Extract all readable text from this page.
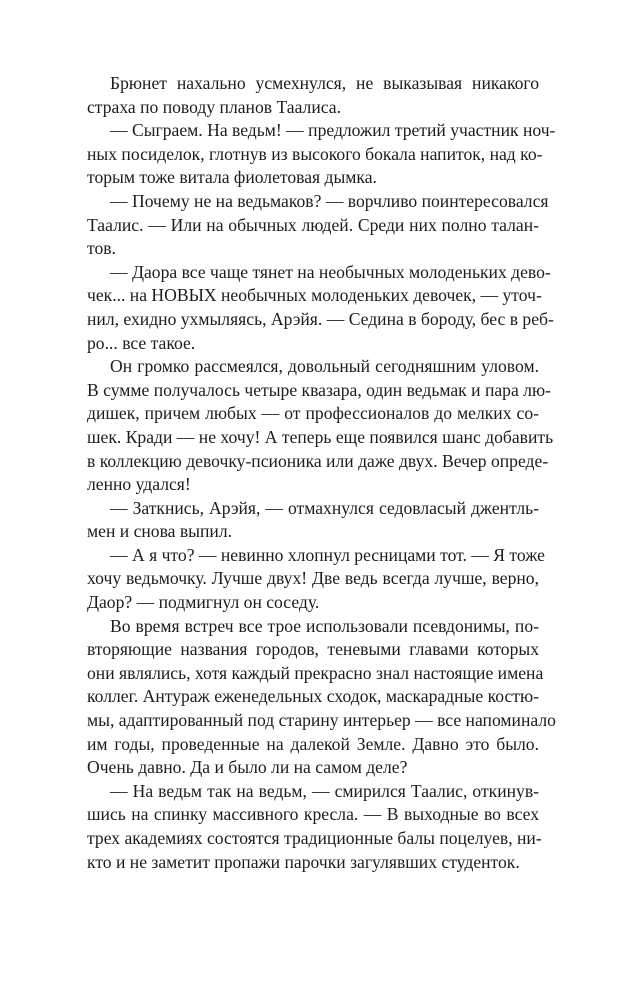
Брюнет нахально усмехнулся, не выказывая никакого
страха по поводу планов Таалиса.
— Сыграем. На ведьм! — предложил третий участник ноч-
ных посиделок, глотнув из высокого бокала напиток, над ко-
торым тоже витала фиолетовая дымка.
— Почему не на ведьмаков? — ворчливо поинтересовался
Таалис. — Или на обычных людей. Среди них полно талан-
тов.
— Даора все чаще тянет на необычных молоденьких дево-
чек... на НОВЫХ необычных молоденьких девочек, — уточ-
нил, ехидно ухмыляясь, Арэйя. — Седина в бороду, бес в реб-
ро... все такое.
Он громко рассмеялся, довольный сегодняшним уловом.
В сумме получалось четыре квазара, один ведьмак и пара лю-
дишек, причем любых — от профессионалов до мелких со-
шек. Кради — не хочу! А теперь еще появился шанс добавить
в коллекцию девочку-псионика или даже двух. Вечер опреде-
ленно удался!
— Заткнись, Арэйя, — отмахнулся седовласый джентль-
мен и снова выпил.
— А я что? — невинно хлопнул ресницами тот. — Я тоже
хочу ведьмочку. Лучше двух! Две ведь всегда лучше, верно,
Даор? — подмигнул он соседу.
Во время встреч все трое использовали псевдонимы, по-
вторяющие названия городов, теневыми главами которых
они являлись, хотя каждый прекрасно знал настоящие имена
коллег. Антураж еженедельных сходок, маскарадные костю-
мы, адаптированный под старину интерьер — все напоминало
им годы, проведенные на далекой Земле. Давно это было.
Очень давно. Да и было ли на самом деле?
— На ведьм так на ведьм, — смирился Таалис, откинув-
шись на спинку массивного кресла. — В выходные во всех
трех академиях состоятся традиционные балы поцелуев, ни-
кто и не заметит пропажи парочки загулявших студенток.
